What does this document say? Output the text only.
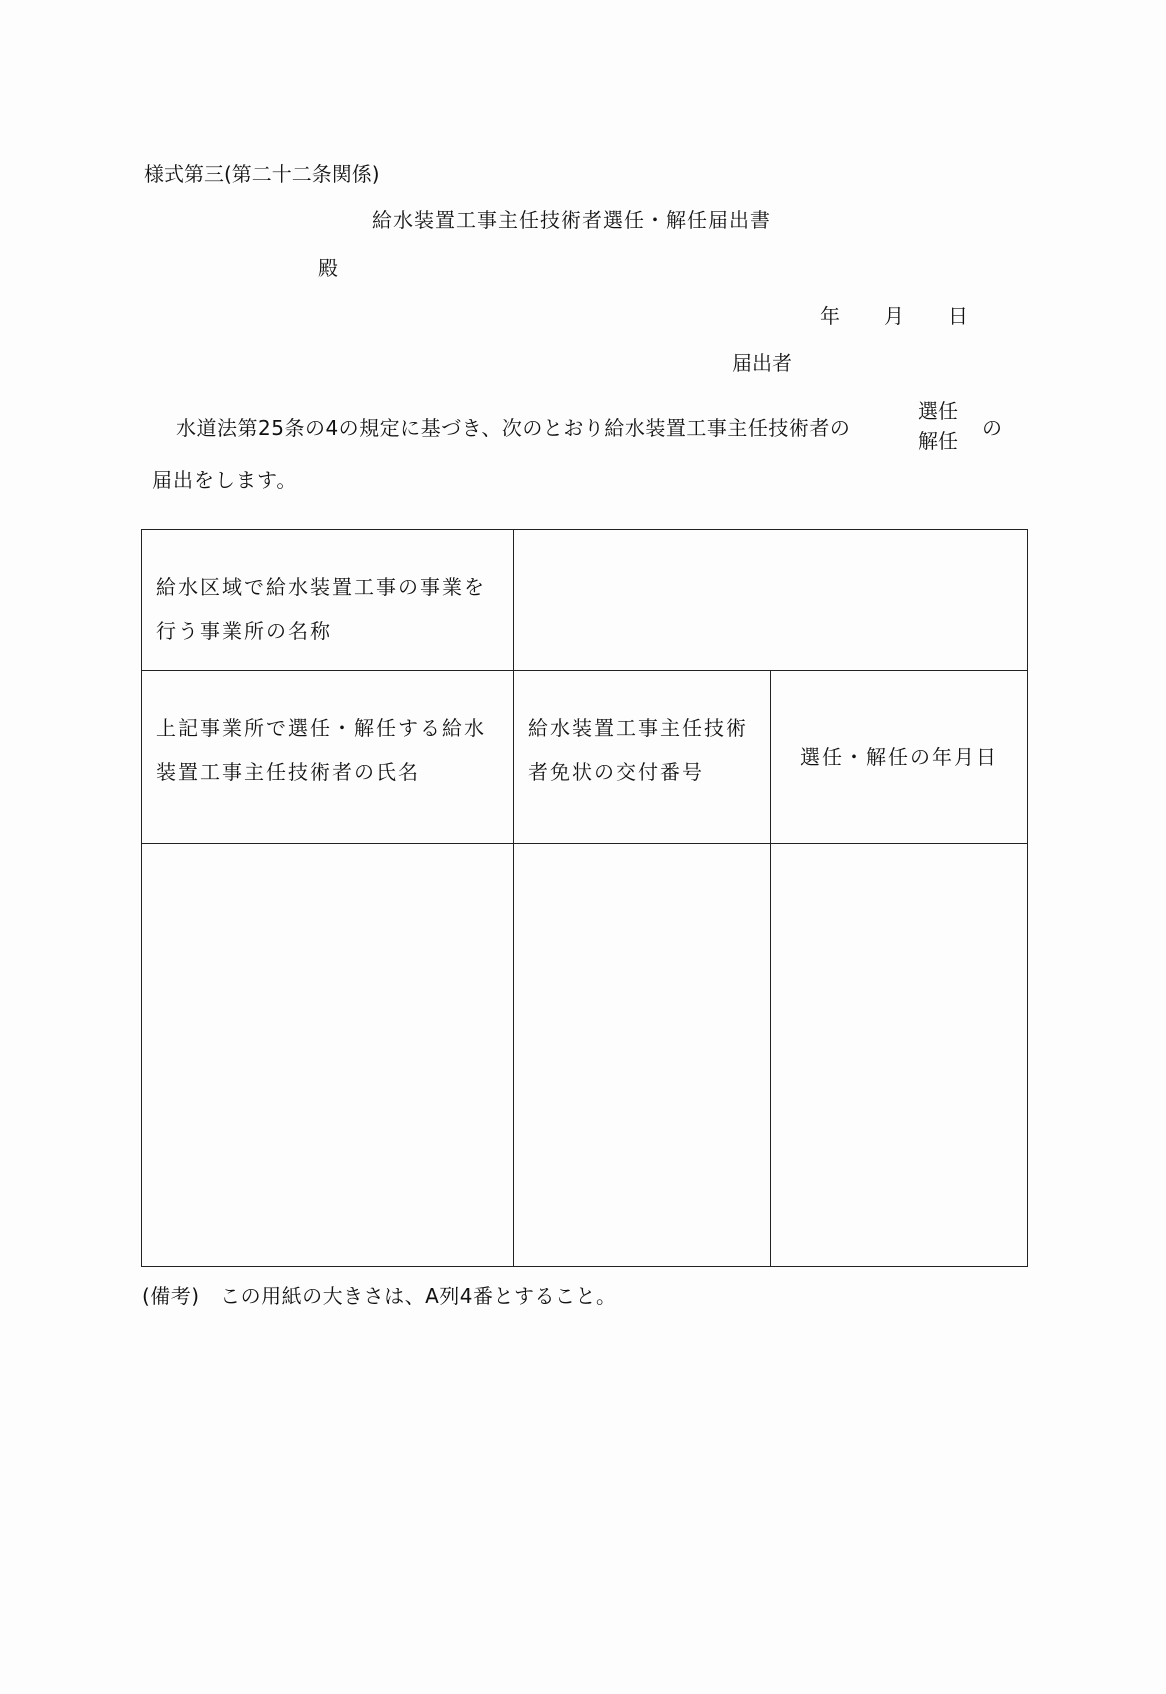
様式第三(第二十二条関係)
給水装置工事主任技術者選任・解任届出書
殿
年 月 日
届出者
水道法第25条の4の規定に基づき、次のとおり給水装置工事主任技術者の
選任
解任
の
届出をします。
給水区域で給水装置工事の事業を行う事業所の名称		

上記事業所で選任・解任する給水装置工事主任技術者の氏名	給水装置工事主任技術者免状の交付番号	選任・解任の年月日

(備考)　この用紙の大きさは、A列4番とすること。
